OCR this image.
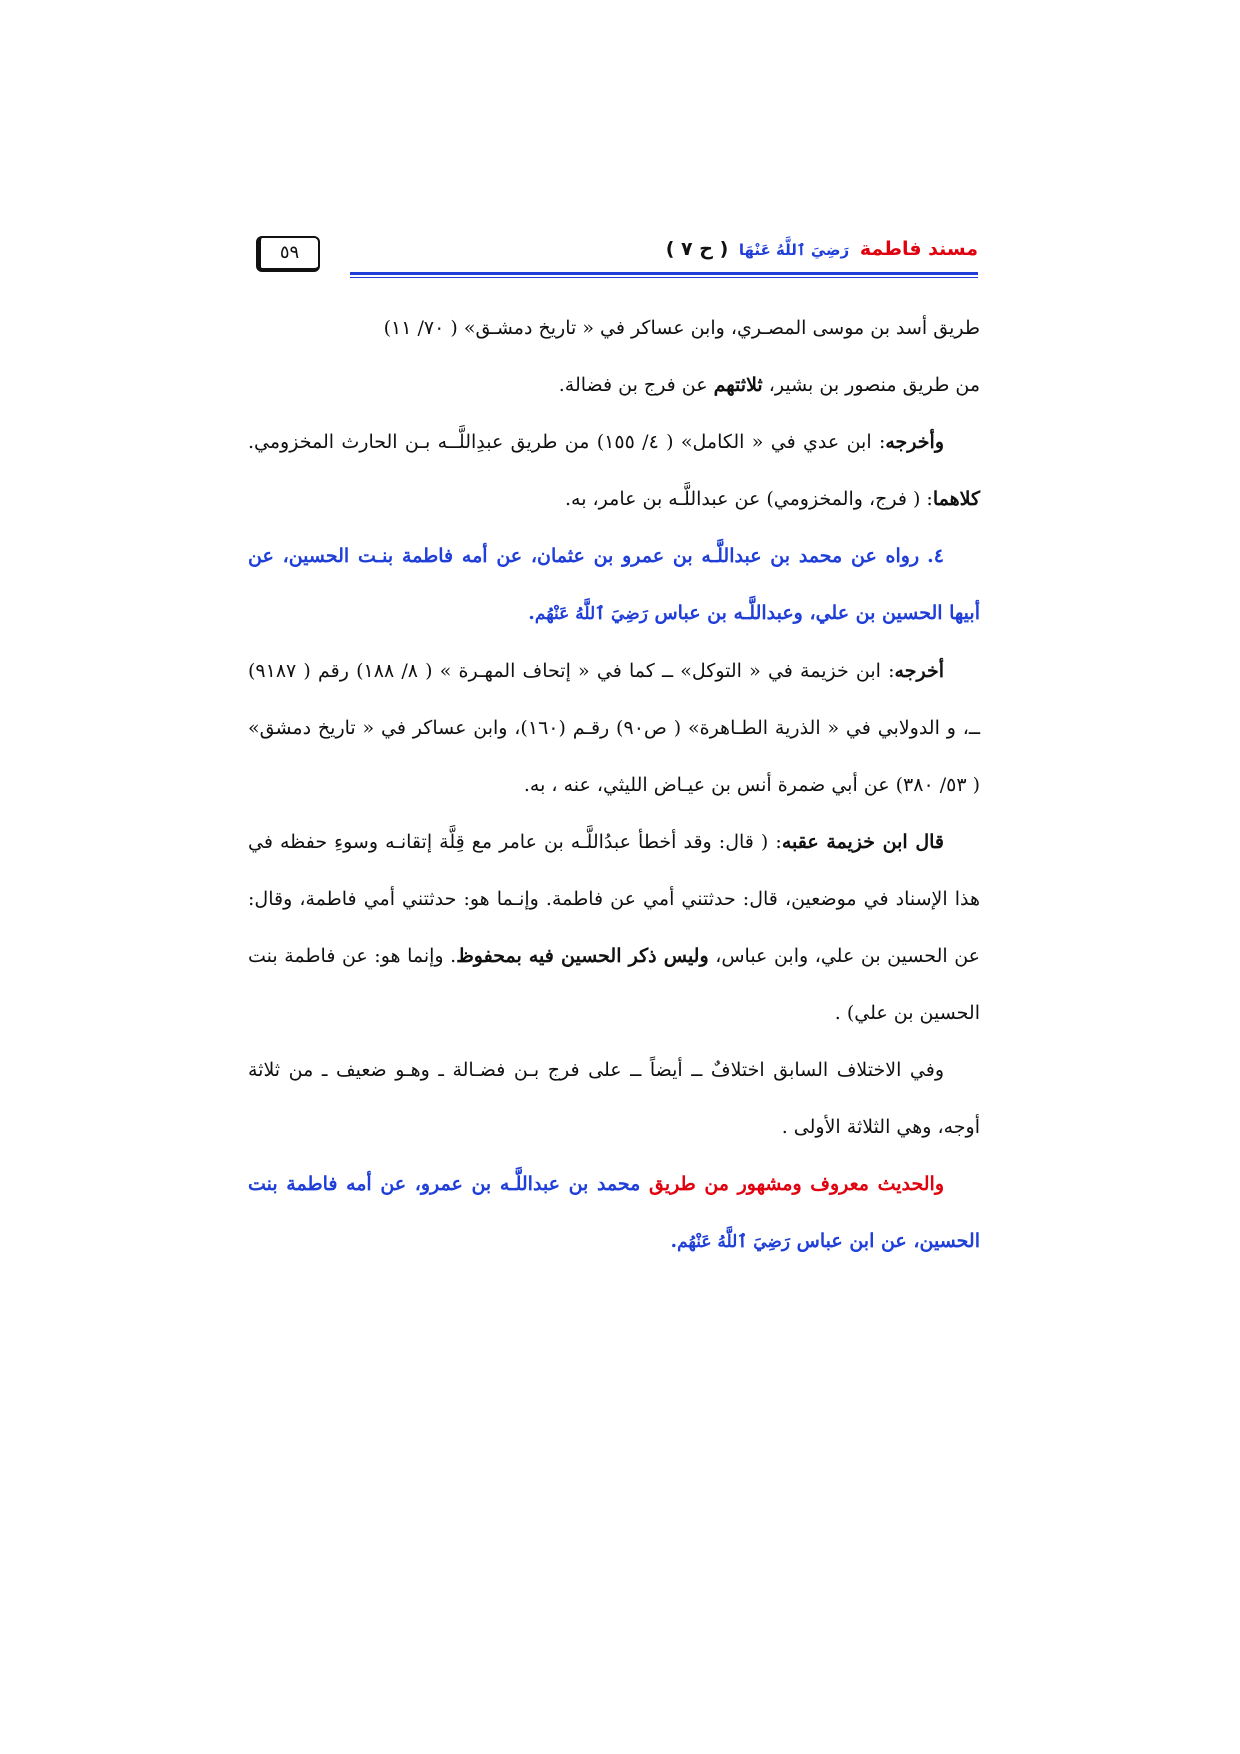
٥٩	مسند فاطمة رَضِيَ ٱللَّهُ عَنْهَا ( ح ٧ )

طريق أسد بن موسى المصـري، وابن عساكر في « تاريخ دمشـق» ( ٧٠/ ١١)
من طريق منصور بن بشير، ثلاثتهم عن فرج بن فضالة.

وأخرجه: ابن عدي في « الكامل» ( ٤/ ١٥٥) من طريق عبدِاللَّــه بـن الحارث المخزومي. كلاهما: ( فرج، والمخزومي) عن عبداللَّـه بن عامر، به.

٤.رواه عن محمد بن عبداللَّـه بن عمرو بن عثمان، عن أمه فاطمة بنـت الحسين، عن أبيها الحسين بن علي، وعبداللَّـه بن عباس رَضِيَ ٱللَّهُ عَنْهُم.

أخرجه: ابن خزيمة في « التوكل» ــ كما في « إتحاف المهـرة » ( ٨/ ١٨٨) رقم ( ٩١٨٧) ــ، و الدولابي في « الذرية الطـاهرة» ( ص٩٠) رقـم (١٦٠)، وابن عساكر في « تاريخ دمشق» ( ٥٣/ ٣٨٠) عن أبي ضمرة أنس بن عيـاض الليثي، عنه ، به.

قال ابن خزيمة عقبه: ( قال: وقد أخطأ عبدُاللَّـه بن عامر مع قِلَّة إتقانـه وسوءِ حفظه في هذا الإسناد في موضعين، قال: حدثتني أمي عن فاطمة. وإنـما هو: حدثتني أمي فاطمة، وقال: عن الحسين بن علي، وابن عباس، وليس ذكر الحسين فيه بمحفوظ. وإنما هو: عن فاطمة بنت الحسين بن علي) .

وفي الاختلاف السابق اختلافٌ ــ أيضاً ــ على فرج بـن فضـالة ـ وهـو ضعيف ـ من ثلاثة أوجه، وهي الثلاثة الأولى .

والحديث معروف ومشهور من طريق محمد بن عبداللَّـه بن عمرو، عن أمه فاطمة بنت الحسين، عن ابن عباس رَضِيَ ٱللَّهُ عَنْهُم.
